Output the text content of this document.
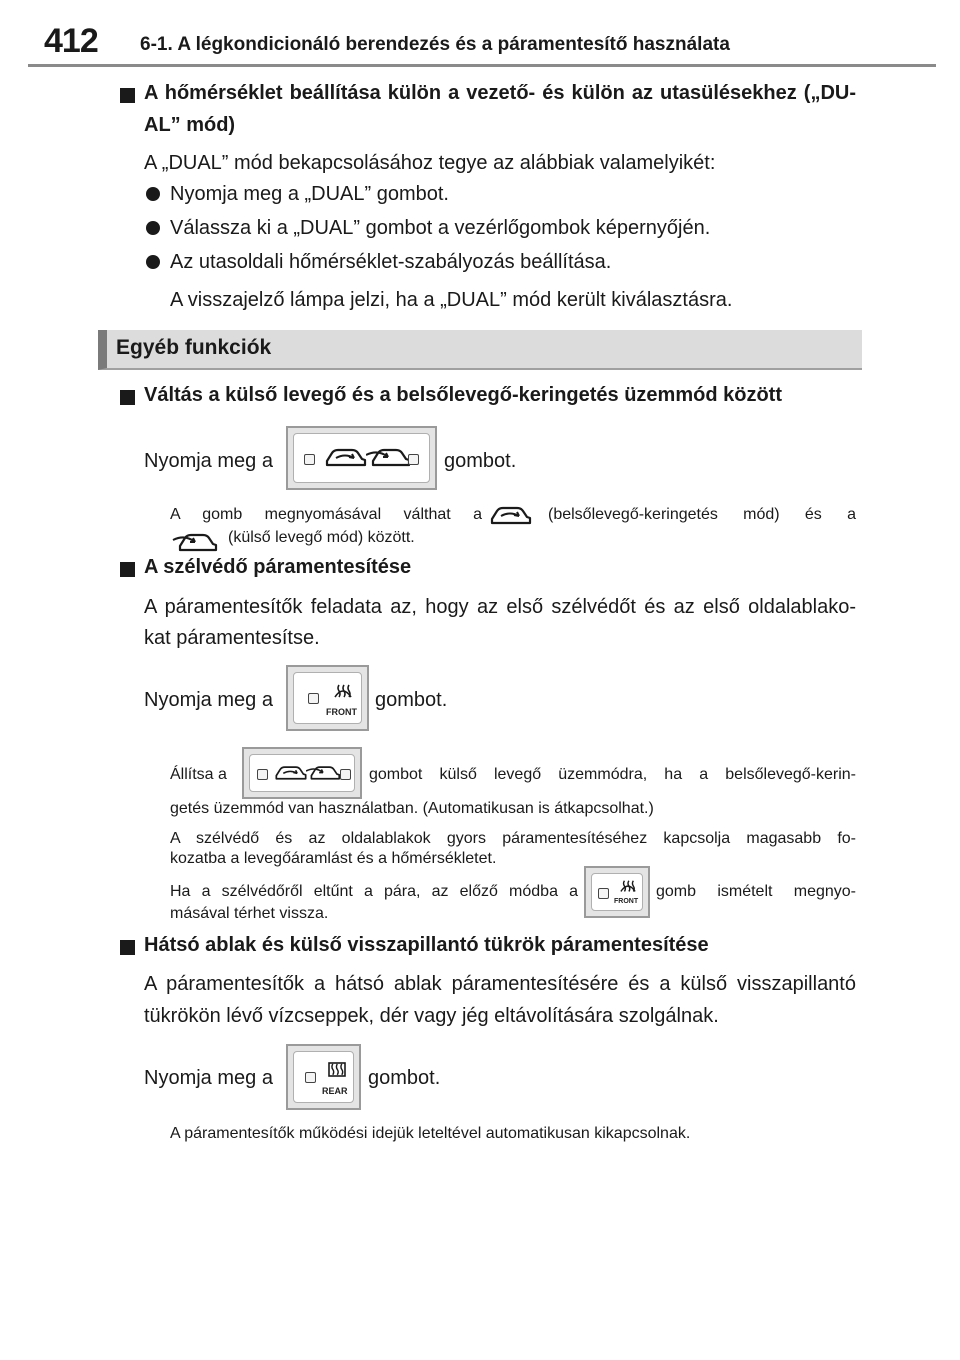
412 6-1. A légkondicionáló berendezés és a páramentesítő használata
A hőmérséklet beállítása külön a vezető- és külön az utasülésekhez („DU-
AL” mód)
A „DUAL” mód bekapcsolásához tegye az alábbiak valamelyikét:
Nyomja meg a „DUAL” gombot.
Válassza ki a „DUAL” gombot a vezérlőgombok képernyőjén.
Az utasoldali hőmérséklet-szabályozás beállítása.
A visszajelző lámpa jelzi, ha a „DUAL” mód került kiválasztásra.
Egyéb funkciók
Váltás a külső levegő és a belsőlevegő-keringetés üzemmód között
Nyomja meg a	gombot.
A gomb megnyomásával válthat a	(belsőlevegő-keringetés mód) és a
(külső levegő mód) között.
A szélvédő páramentesítése
A páramentesítők feladata az, hogy az első szélvédőt és az első oldalablako-
kat páramentesítse.
Nyomja meg a
FRONT
gombot.
Állítsa a	gombot külső levegő üzemmódra, ha a belsőlevegő-kerin-
getés üzemmód van használatban. (Automatikusan is átkapcsolhat.)
A szélvédő és az oldalablakok gyors páramentesítéséhez kapcsolja magasabb fo-
kozatba a levegőáramlást és a hőmérsékletet.
Ha a szélvédőről eltűnt a pára, az előző módba a
FRONT
gomb ismételt megnyo-
másával térhet vissza.
Hátsó ablak és külső visszapillantó tükrök páramentesítése
A páramentesítők a hátsó ablak páramentesítésére és a külső visszapillantó
tükrökön lévő vízcseppek, dér vagy jég eltávolítására szolgálnak.
Nyomja meg a
REAR
gombot.
A páramentesítők működési idejük leteltével automatikusan kikapcsolnak.
